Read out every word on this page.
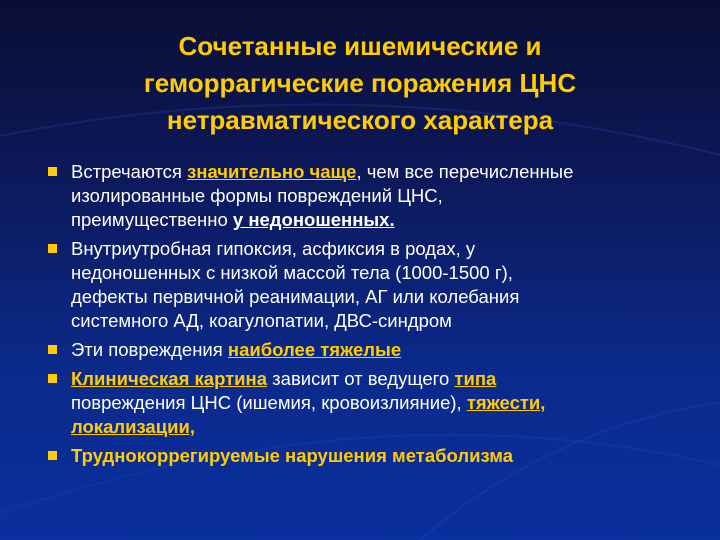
Сочетанные ишемические и
геморрагические поражения ЦНС
нетравматического характера
Встречаются значительно чаще, чем все перечисленные
изолированные формы повреждений ЦНС,
преимущественно у недоношенных.
Внутриутробная гипоксия, асфиксия в родах, у
недоношенных с низкой массой тела (1000-1500 г),
дефекты первичной реанимации, АГ или колебания
системного АД, коагулопатии, ДВС-синдром
Эти повреждения наиболее тяжелые
Клиническая картина зависит от ведущего типа
повреждения ЦНС (ишемия, кровоизлияние), тяжести,
локализации,
Труднокоррегируемые нарушения метаболизма
